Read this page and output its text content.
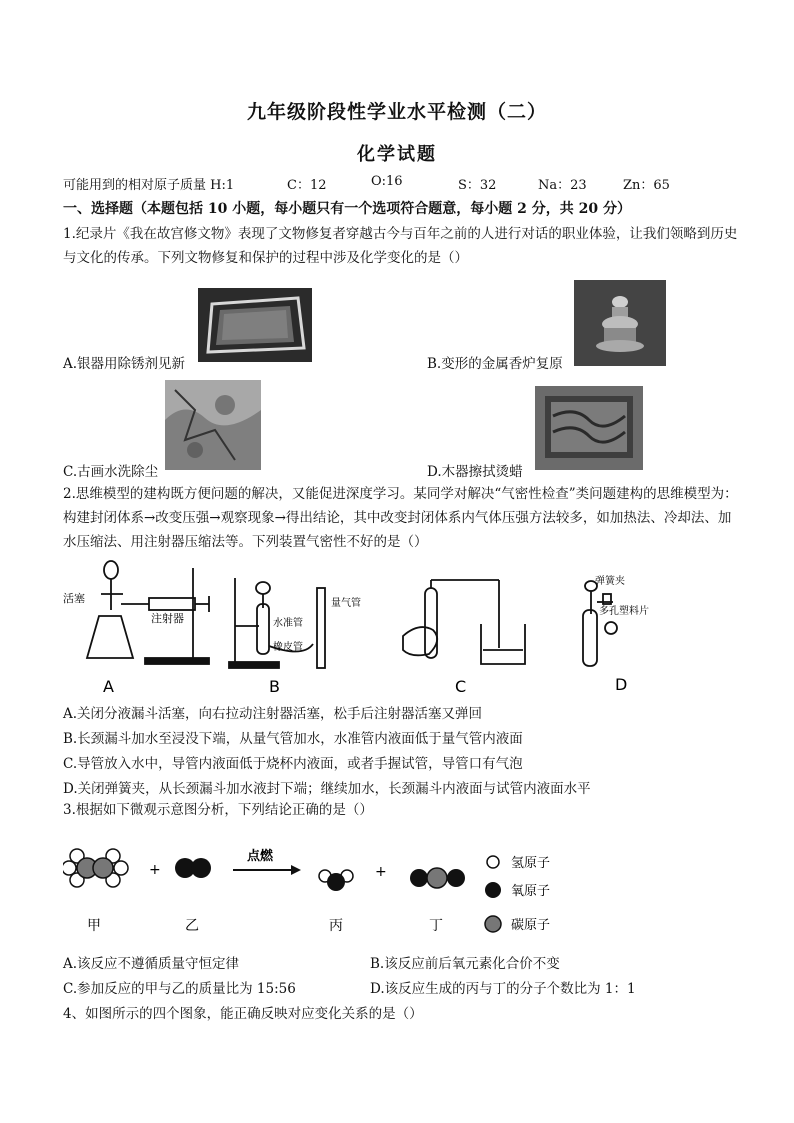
九年级阶段性学业水平检测（二）
化学试题
可能用到的相对原子质量 H:1	C：12	O:16	S：32	Na：23	Zn：65
一、选择题（本题包括 10 小题，每小题只有一个选项符合题意，每小题 2 分，共 20 分）
1.纪录片《我在故宫修文物》表现了文物修复者穿越古今与百年之前的人进行对话的职业体验，让我们领略到历史与文化的传承。下列文物修复和保护的过程中涉及化学变化的是（）
A.银器用除锈剂见新	B.变形的金属香炉复原
C.古画水洗除尘	D.木器擦拭烫蜡
2.思维模型的建构既方便问题的解决，又能促进深度学习。某同学对解决“气密性检查”类问题建构的思维模型为：构建封闭体系→改变压强→观察现象→得出结论，其中改变封闭体系内气体压强方法较多，如加热法、冷却法、加水压缩法、用注射器压缩法等。下列装置气密性不好的是（）
活塞
注射器
A
水准管
橡皮管
量气管
B	C
弹簧夹
多孔塑料片
D
A.关闭分液漏斗活塞，向右拉动注射器活塞，松手后注射器活塞又弹回
B.长颈漏斗加水至浸没下端，从量气管加水，水准管内液面低于量气管内液面
C.导管放入水中，导管内液面低于烧杯内液面，或者手握试管，导管口有气泡
D.关闭弹簧夹，从长颈漏斗加水液封下端；继续加水，长颈漏斗内液面与试管内液面水平
3.根据如下微观示意图分析，下列结论正确的是（）
甲
+
乙
点燃
丙
+
丁
氢原子
氧原子
碳原子
A.该反应不遵循质量守恒定律	B.该反应前后氧元素化合价不变
C.参加反应的甲与乙的质量比为 15:56	D.该反应生成的丙与丁的分子个数比为 1：1
4、如图所示的四个图象，能正确反映对应变化关系的是（）
